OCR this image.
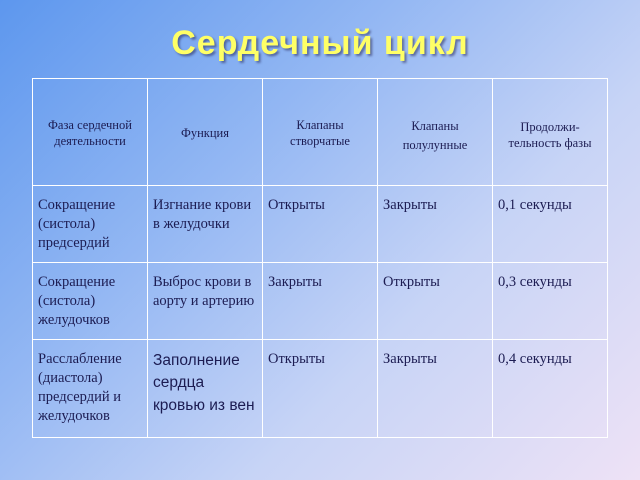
Сердечный цикл
Фаза сердечной деятельности	Функция	Клапаны створчатые	Клапаны полулунные	Продолжи-тельность фазы

Сокращение (систола) предсердий	Изгнание крови в желудочки	Открыты	Закрыты	0,1 секунды
Сокращение (систола) желудочков	Выброс крови в аорту и артерию	Закрыты	Открыты	0,3 секунды
Расслабление (диастола) предсердий и желудочков	Заполнение сердца кровью из вен	Открыты	Закрыты	0,4 секунды
